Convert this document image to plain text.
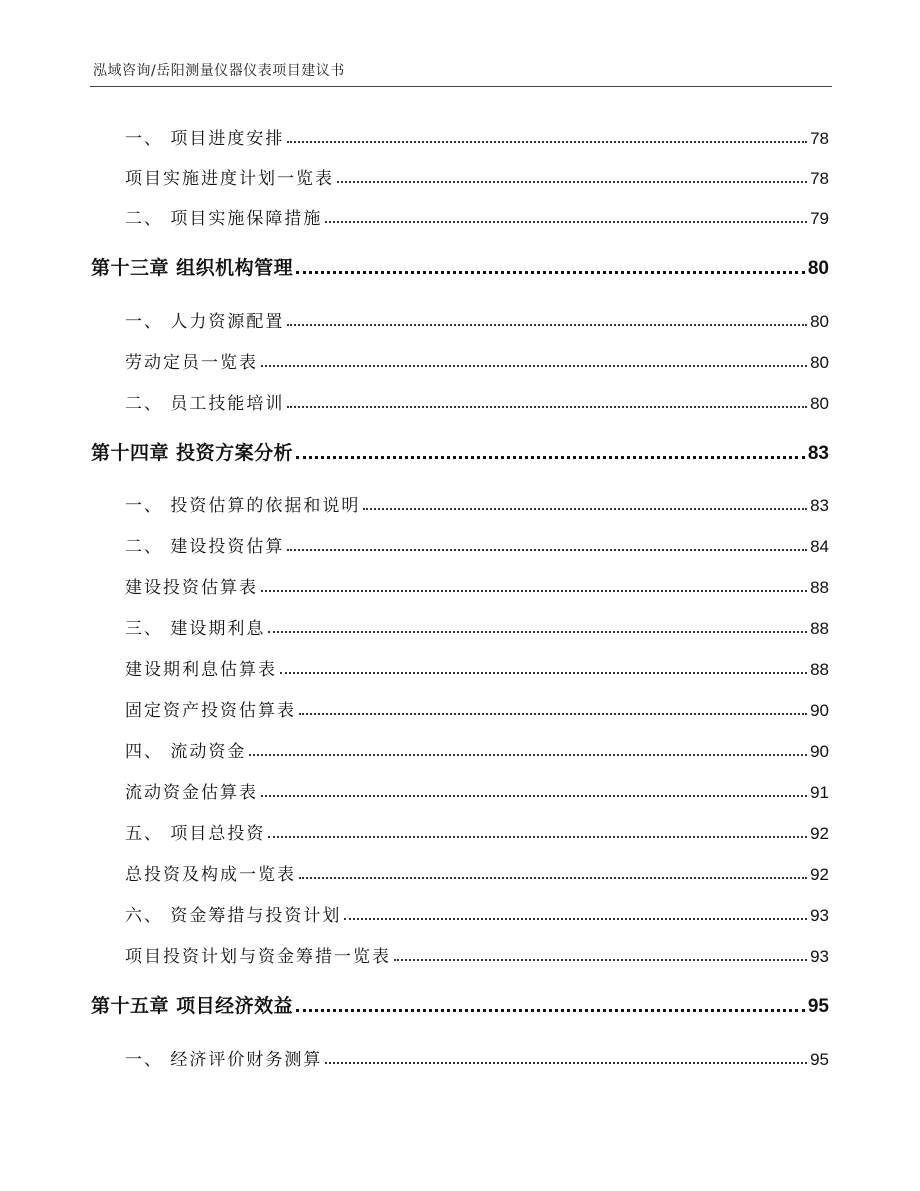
泓域咨询/岳阳测量仪器仪表项目建议书
一、 项目进度安排	78
项目实施进度计划一览表	78
二、 项目实施保障措施	79
第十三章 组织机构管理	80
一、 人力资源配置	80
劳动定员一览表	80
二、 员工技能培训	80
第十四章 投资方案分析	83
一、 投资估算的依据和说明	83
二、 建设投资估算	84
建设投资估算表	88
三、 建设期利息	88
建设期利息估算表	88
固定资产投资估算表	90
四、 流动资金	90
流动资金估算表	91
五、 项目总投资	92
总投资及构成一览表	92
六、 资金筹措与投资计划	93
项目投资计划与资金筹措一览表	93
第十五章 项目经济效益	95
一、 经济评价财务测算	95
